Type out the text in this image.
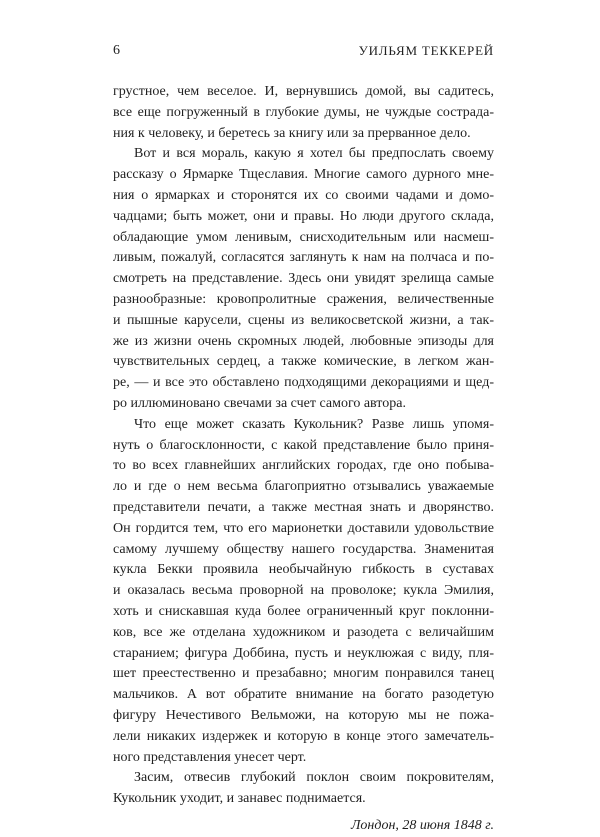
6	УИЛЬЯМ ТЕККЕРЕЙ
грустное, чем веселое. И, вернувшись домой, вы садитесь,
все еще погруженный в глубокие думы, не чуждые сострада-
ния к человеку, и беретесь за книгу или за прерванное дело.
Вот и вся мораль, какую я хотел бы предпослать своему
рассказу о Ярмарке Тщеславия. Многие самого дурного мне-
ния о ярмарках и сторонятся их со своими чадами и домо-
чадцами; быть может, они и правы. Но люди другого склада,
обладающие умом ленивым, снисходительным или насмеш-
ливым, пожалуй, согласятся заглянуть к нам на полчаса и по-
смотреть на представление. Здесь они увидят зрелища самые
разнообразные: кровопролитные сражения, величественные
и пышные карусели, сцены из великосветской жизни, а так-
же из жизни очень скромных людей, любовные эпизоды для
чувствительных сердец, а также комические, в легком жан-
ре, — и все это обставлено подходящими декорациями и щед-
ро иллюминовано свечами за счет самого автора.
Что еще может сказать Кукольник? Разве лишь упомя-
нуть о благосклонности, с какой представление было приня-
то во всех главнейших английских городах, где оно побыва-
ло и где о нем весьма благоприятно отзывались уважаемые
представители печати, а также местная знать и дворянство.
Он гордится тем, что его марионетки доставили удовольствие
самому лучшему обществу нашего государства. Знаменитая
кукла Бекки проявила необычайную гибкость в суставах
и оказалась весьма проворной на проволоке; кукла Эмилия,
хоть и снискавшая куда более ограниченный круг поклонни-
ков, все же отделана художником и разодета с величайшим
старанием; фигура Доббина, пусть и неуклюжая с виду, пля-
шет преестественно и презабавно; многим понравился танец
мальчиков. А вот обратите внимание на богато разодетую
фигуру Нечестивого Вельможи, на которую мы не пожа-
лели никаких издержек и которую в конце этого замечатель-
ного представления унесет черт.
Засим, отвесив глубокий поклон своим покровителям,
Кукольник уходит, и занавес поднимается.
Лондон, 28 июня 1848 г.
